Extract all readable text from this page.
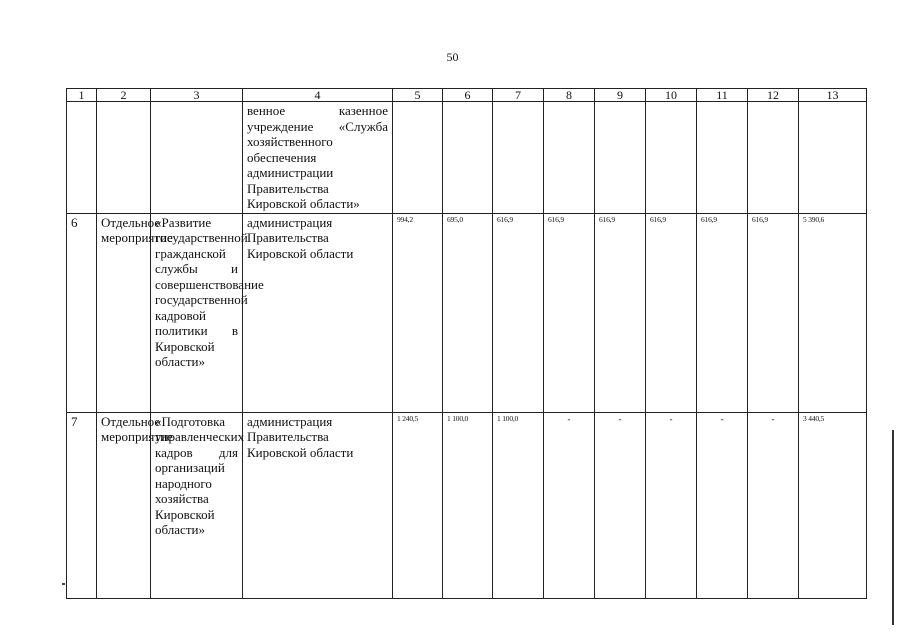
50
1	2	3	4	5	6	7	8	9	10	11	12	13
			венное казенное учреждение «Служба хозяйственного обеспечения администрации Правительства Кировской области»									
6	Отдельное мероприятие	«Развитие государственной гражданской службы и совершенствование государственной кадровой политики в Кировской области»	администрация Правительства Кировской области	994,2	695,0	616,9	616,9	616,9	616,9	616,9	616,9	5 390,6
7	Отдельное мероприятие	«Подготовка управленческих кадров для организаций народного хозяйства Кировской области»	администрация Правительства Кировской области	1 240,5	1 100,0	1 100,0	-	-	-	-	-	3 440,5
